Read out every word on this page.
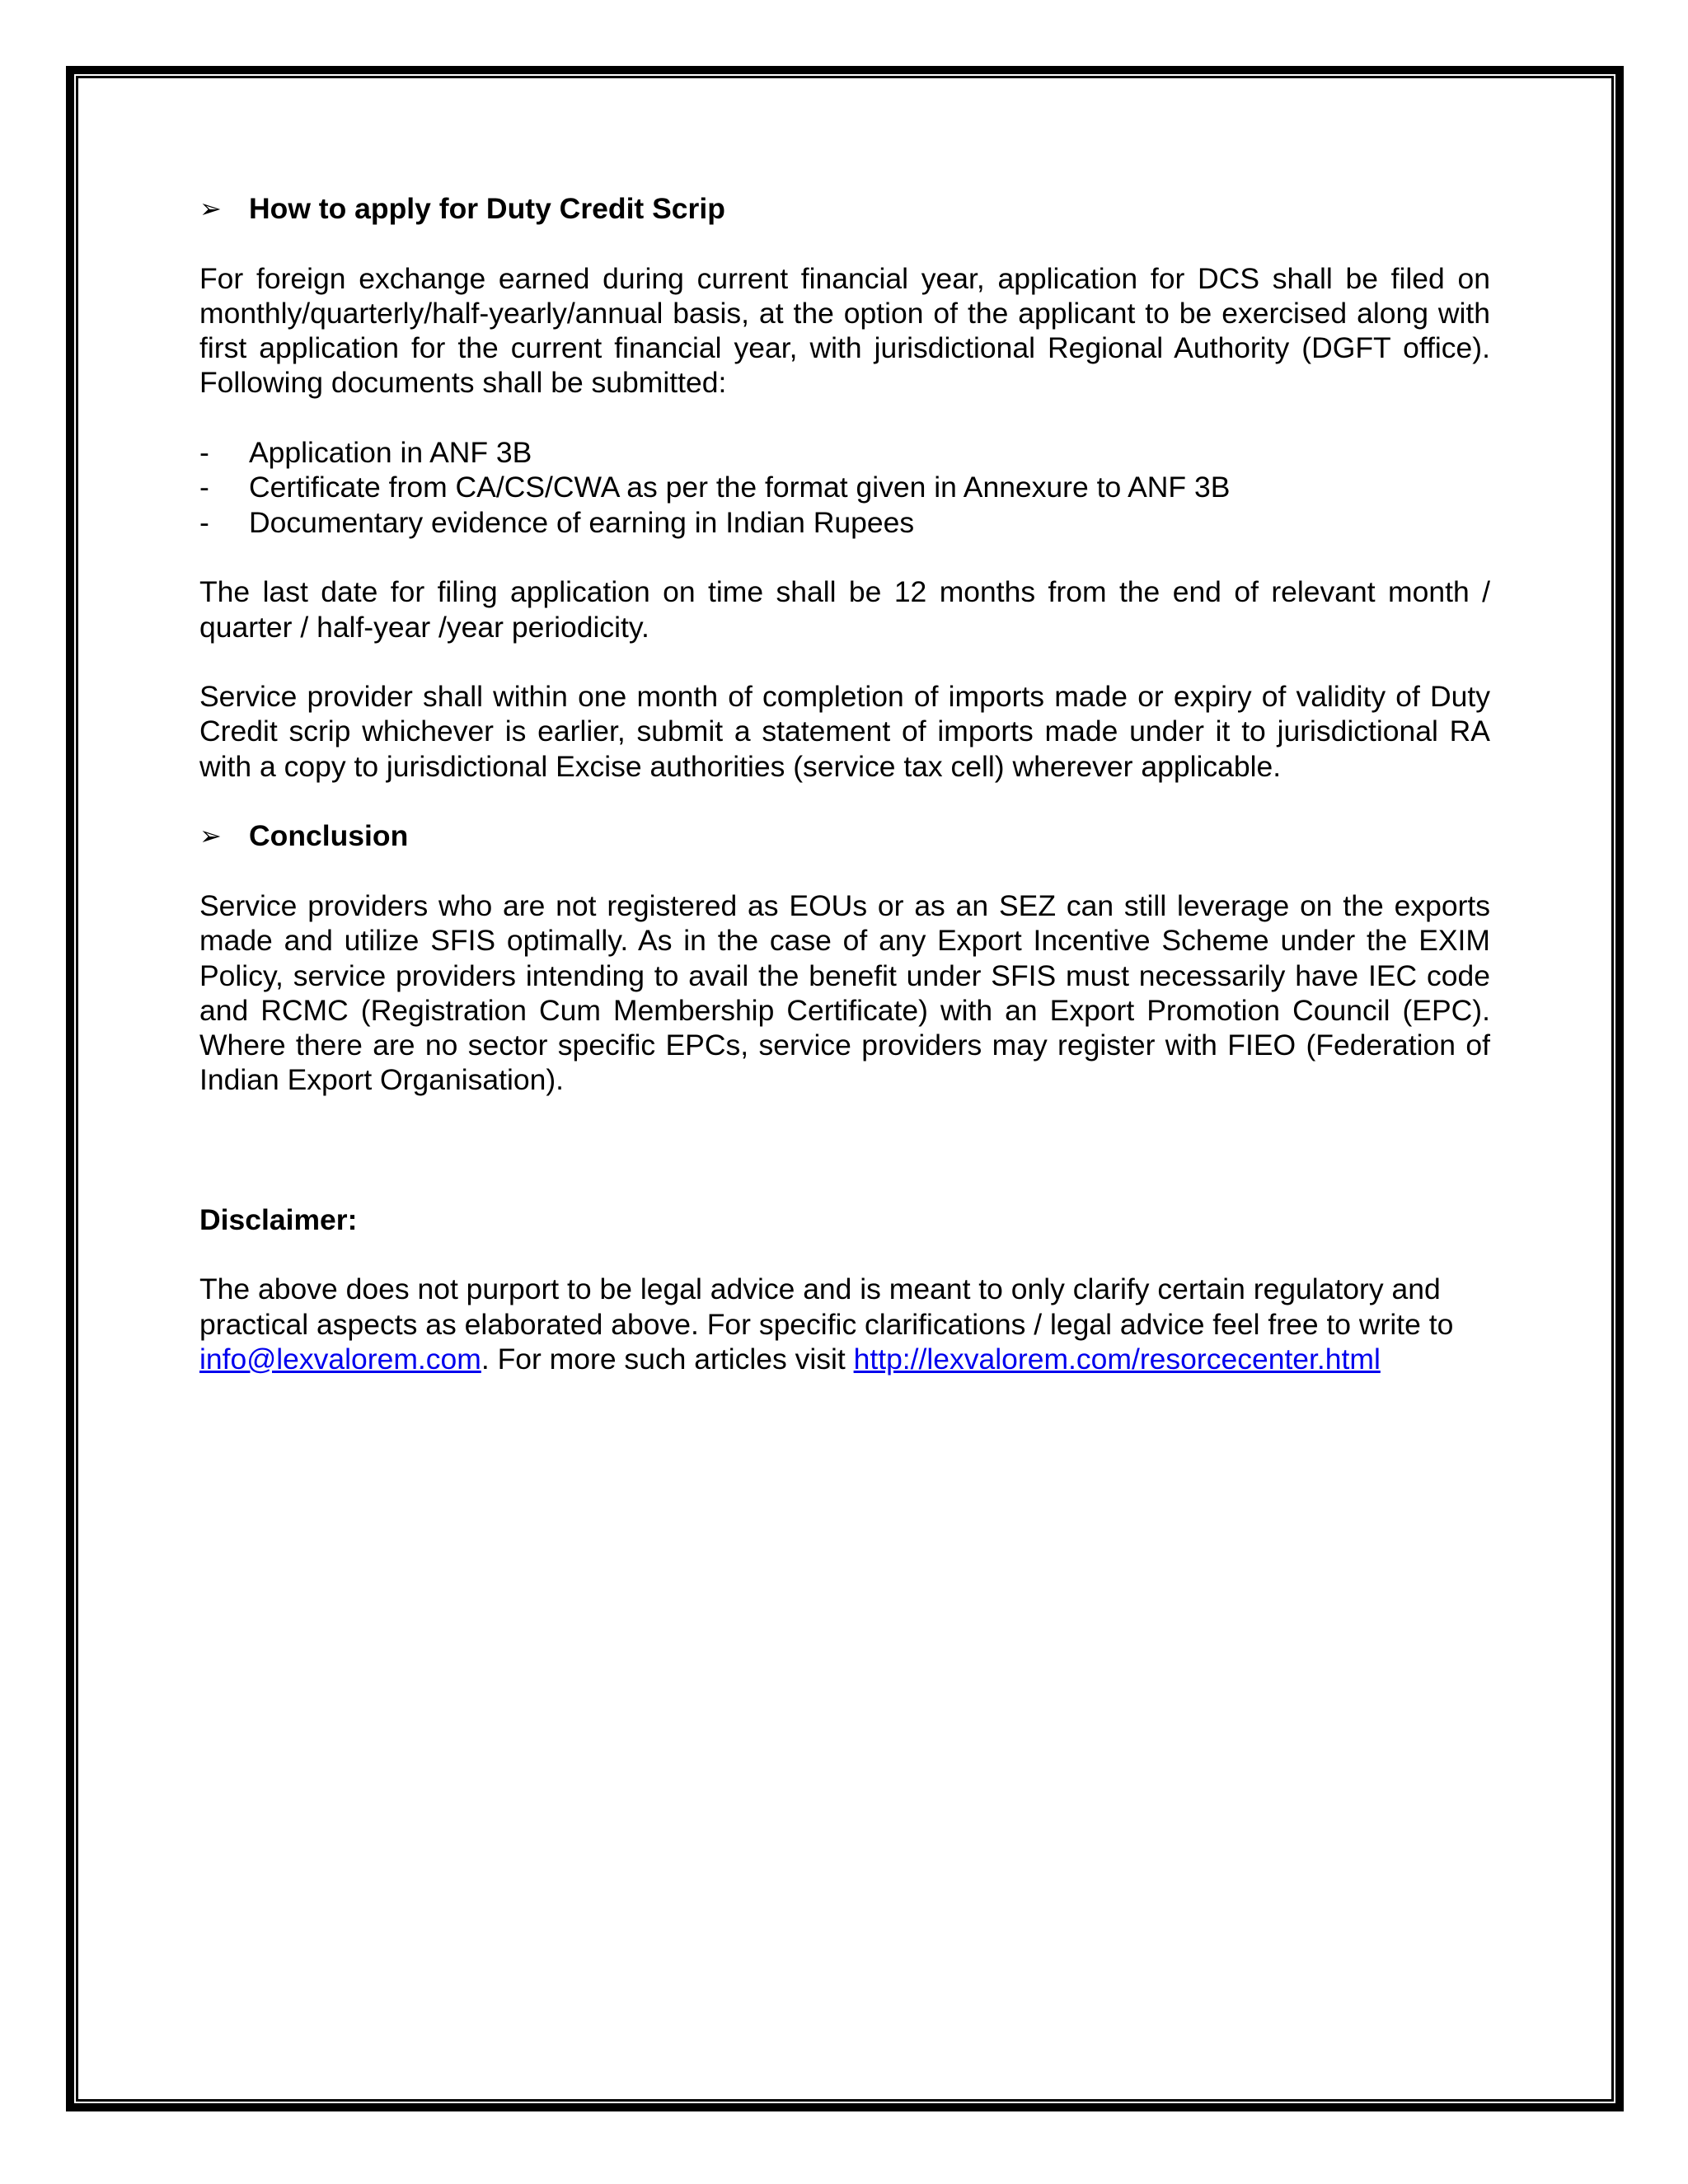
➢ How to apply for Duty Credit Scrip

For foreign exchange earned during current financial year, application for DCS shall be filed on monthly/quarterly/half-yearly/annual basis, at the option of the applicant to be exercised along with first application for the current financial year, with jurisdictional Regional Authority (DGFT office). Following documents shall be submitted:

- Application in ANF 3B
- Certificate from CA/CS/CWA as per the format given in Annexure to ANF 3B
- Documentary evidence of earning in Indian Rupees

The last date for filing application on time shall be 12 months from the end of relevant month / quarter / half-year /year periodicity.

Service provider shall within one month of completion of imports made or expiry of validity of Duty Credit scrip whichever is earlier, submit a statement of imports made under it to jurisdictional RA with a copy to jurisdictional Excise authorities (service tax cell) wherever applicable.

➢ Conclusion

Service providers who are not registered as EOUs or as an SEZ can still leverage on the exports made and utilize SFIS optimally. As in the case of any Export Incentive Scheme under the EXIM Policy, service providers intending to avail the benefit under SFIS must necessarily have IEC code and RCMC (Registration Cum Membership Certificate) with an Export Promotion Council (EPC). Where there are no sector specific EPCs, service providers may register with FIEO (Federation of Indian Export Organisation).

Disclaimer:

The above does not purport to be legal advice and is meant to only clarify certain regulatory and practical aspects as elaborated above. For specific clarifications / legal advice feel free to write to info@lexvalorem.com. For more such articles visit http://lexvalorem.com/resorcecenter.html
